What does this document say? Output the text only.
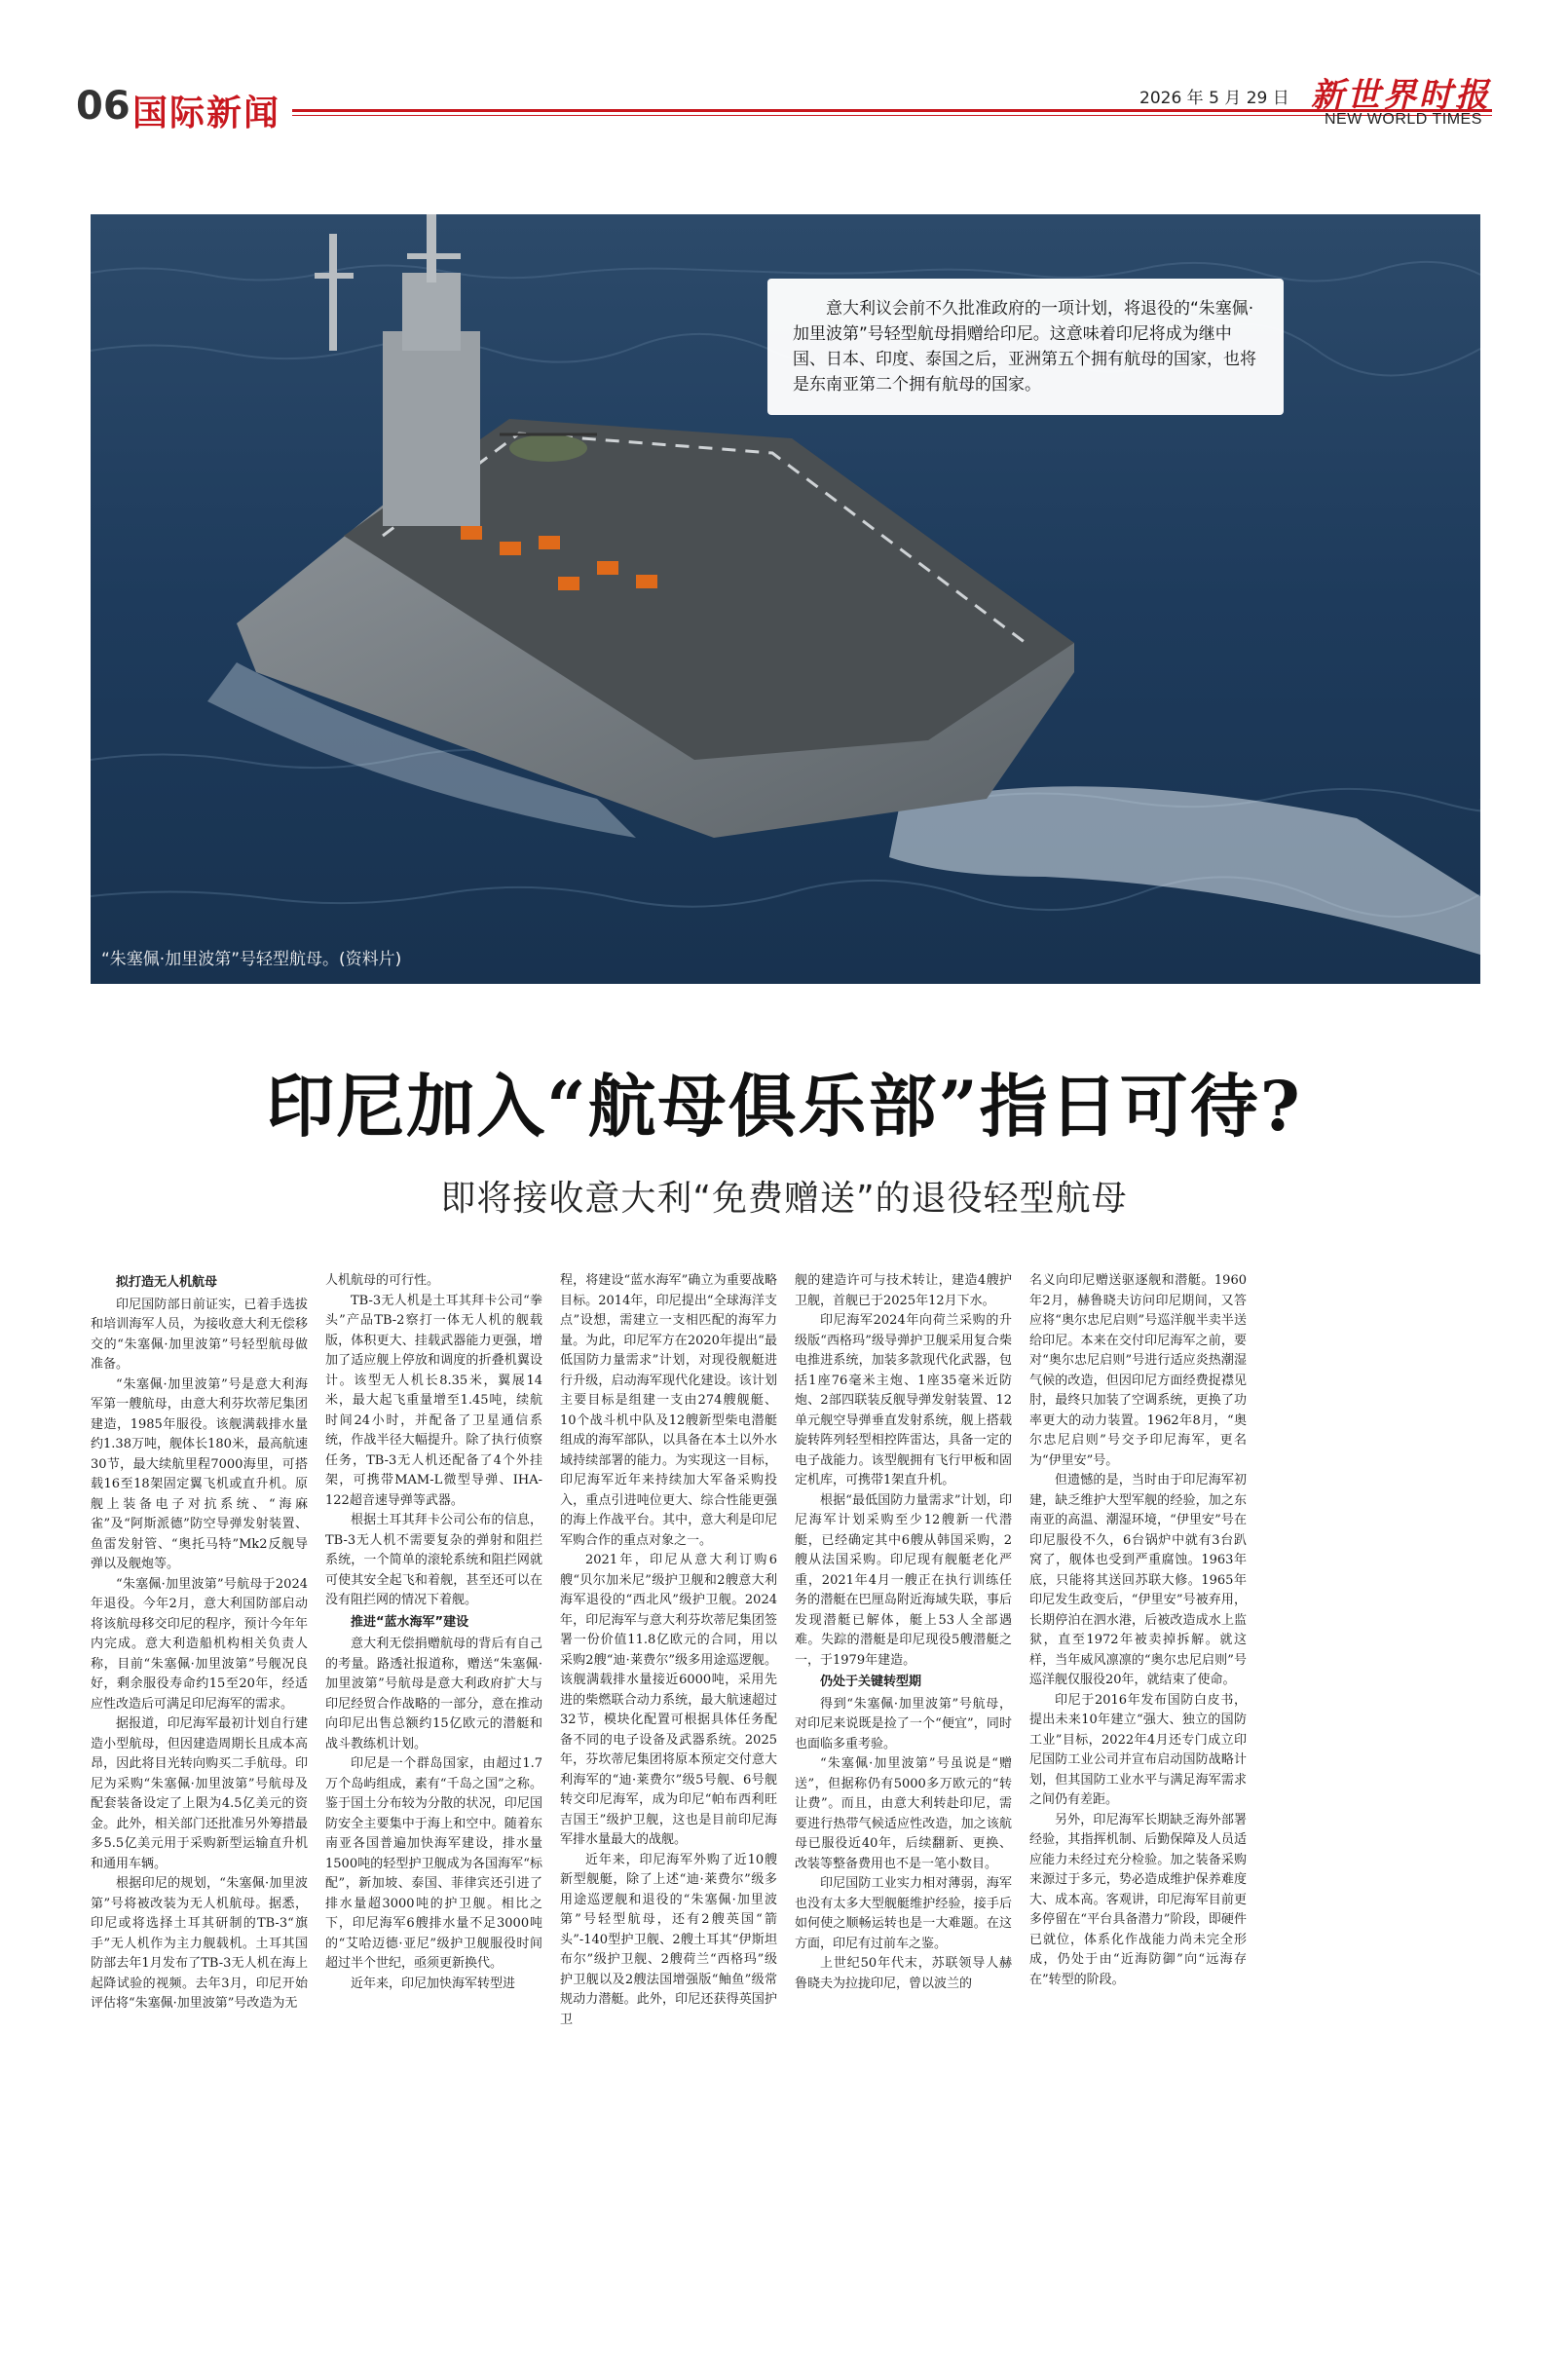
06 国际新闻	2026 年 5 月 29 日 新世界时报
NEW WORLD TIMES
“朱塞佩·加里波第”号轻型航母。(资料片)

意大利议会前不久批准政府的一项计划，将退役的“朱塞佩·加里波第”号轻型航母捐赠给印尼。这意味着印尼将成为继中国、日本、印度、泰国之后，亚洲第五个拥有航母的国家，也将是东南亚第二个拥有航母的国家。

印尼加入“航母俱乐部”指日可待?
即将接收意大利“免费赠送”的退役轻型航母

拟打造无人机航母

印尼国防部日前证实，已着手选拔和培训海军人员，为接收意大利无偿移交的“朱塞佩·加里波第”号轻型航母做准备。

“朱塞佩·加里波第”号是意大利海军第一艘航母，由意大利芬坎蒂尼集团建造，1985年服役。该舰满载排水量约1.38万吨，舰体长180米，最高航速30节，最大续航里程7000海里，可搭载16至18架固定翼飞机或直升机。原舰上装备电子对抗系统、“海麻雀”及“阿斯派德”防空导弹发射装置、鱼雷发射管、“奥托马特”Mk2反舰导弹以及舰炮等。

“朱塞佩·加里波第”号航母于2024年退役。今年2月，意大利国防部启动将该航母移交印尼的程序，预计今年年内完成。意大利造船机构相关负责人称，目前“朱塞佩·加里波第”号舰况良好，剩余服役寿命约15至20年，经适应性改造后可满足印尼海军的需求。

据报道，印尼海军最初计划自行建造小型航母，但因建造周期长且成本高昂，因此将目光转向购买二手航母。印尼为采购“朱塞佩·加里波第”号航母及配套装备设定了上限为4.5亿美元的资金。此外，相关部门还批准另外筹措最多5.5亿美元用于采购新型运输直升机和通用车辆。

根据印尼的规划，“朱塞佩·加里波第”号将被改装为无人机航母。据悉，印尼或将选择土耳其研制的TB-3“旗手”无人机作为主力舰载机。土耳其国防部去年1月发布了TB-3无人机在海上起降试验的视频。去年3月，印尼开始评估将“朱塞佩·加里波第”号改造为无

人机航母的可行性。

TB-3无人机是土耳其拜卡公司“拳头”产品TB-2察打一体无人机的舰载版，体积更大、挂载武器能力更强，增加了适应舰上停放和调度的折叠机翼设计。该型无人机长8.35米，翼展14米，最大起飞重量增至1.45吨，续航时间24小时，并配备了卫星通信系统，作战半径大幅提升。除了执行侦察任务，TB-3无人机还配备了4个外挂架，可携带MAM-L微型导弹、IHA-122超音速导弹等武器。

根据土耳其拜卡公司公布的信息，TB-3无人机不需要复杂的弹射和阻拦系统，一个简单的滚轮系统和阻拦网就可使其安全起飞和着舰，甚至还可以在没有阻拦网的情况下着舰。

推进“蓝水海军”建设

意大利无偿捐赠航母的背后有自己的考量。路透社报道称，赠送“朱塞佩·加里波第”号航母是意大利政府扩大与印尼经贸合作战略的一部分，意在推动向印尼出售总额约15亿欧元的潜艇和战斗教练机计划。

印尼是一个群岛国家，由超过1.7万个岛屿组成，素有“千岛之国”之称。鉴于国土分布较为分散的状况，印尼国防安全主要集中于海上和空中。随着东南亚各国普遍加快海军建设，排水量1500吨的轻型护卫舰成为各国海军“标配”，新加坡、泰国、菲律宾还引进了排水量超3000吨的护卫舰。相比之下，印尼海军6艘排水量不足3000吨的“艾哈迈德·亚尼”级护卫舰服役时间超过半个世纪，亟须更新换代。

近年来，印尼加快海军转型进

程，将建设“蓝水海军”确立为重要战略目标。2014年，印尼提出“全球海洋支点”设想，需建立一支相匹配的海军力量。为此，印尼军方在2020年提出“最低国防力量需求”计划，对现役舰艇进行升级，启动海军现代化建设。该计划主要目标是组建一支由274艘舰艇、10个战斗机中队及12艘新型柴电潜艇组成的海军部队，以具备在本土以外水域持续部署的能力。为实现这一目标，印尼海军近年来持续加大军备采购投入，重点引进吨位更大、综合性能更强的海上作战平台。其中，意大利是印尼军购合作的重点对象之一。

2021年，印尼从意大利订购6艘“贝尔加米尼”级护卫舰和2艘意大利海军退役的“西北风”级护卫舰。2024年，印尼海军与意大利芬坎蒂尼集团签署一份价值11.8亿欧元的合同，用以采购2艘“迪·莱费尔”级多用途巡逻舰。该舰满载排水量接近6000吨，采用先进的柴燃联合动力系统，最大航速超过32节，模块化配置可根据具体任务配备不同的电子设备及武器系统。2025年，芬坎蒂尼集团将原本预定交付意大利海军的“迪·莱费尔”级5号舰、6号舰转交印尼海军，成为印尼“帕布西利旺吉国王”级护卫舰，这也是目前印尼海军排水量最大的战舰。

近年来，印尼海军外购了近10艘新型舰艇，除了上述“迪·莱费尔”级多用途巡逻舰和退役的“朱塞佩·加里波第”号轻型航母，还有2艘英国“箭头”-140型护卫舰、2艘土耳其“伊斯坦布尔”级护卫舰、2艘荷兰“西格玛”级护卫舰以及2艘法国增强版“鲉鱼”级常规动力潜艇。此外，印尼还获得英国护卫

舰的建造许可与技术转让，建造4艘护卫舰，首舰已于2025年12月下水。

印尼海军2024年向荷兰采购的升级版“西格玛”级导弹护卫舰采用复合柴电推进系统，加装多款现代化武器，包括1座76毫米主炮、1座35毫米近防炮、2部四联装反舰导弹发射装置、12单元舰空导弹垂直发射系统，舰上搭载旋转阵列轻型相控阵雷达，具备一定的电子战能力。该型舰拥有飞行甲板和固定机库，可携带1架直升机。

根据“最低国防力量需求”计划，印尼海军计划采购至少12艘新一代潜艇，已经确定其中6艘从韩国采购，2艘从法国采购。印尼现有舰艇老化严重，2021年4月一艘正在执行训练任务的潜艇在巴厘岛附近海域失联，事后发现潜艇已解体，艇上53人全部遇难。失踪的潜艇是印尼现役5艘潜艇之一，于1979年建造。

仍处于关键转型期

得到“朱塞佩·加里波第”号航母，对印尼来说既是捡了一个“便宜”，同时也面临多重考验。

“朱塞佩·加里波第”号虽说是“赠送”，但据称仍有5000多万欧元的“转让费”。而且，由意大利转赴印尼，需要进行热带气候适应性改造，加之该航母已服役近40年，后续翻新、更换、改装等整备费用也不是一笔小数目。

印尼国防工业实力相对薄弱，海军也没有太多大型舰艇维护经验，接手后如何使之顺畅运转也是一大难题。在这方面，印尼有过前车之鉴。

上世纪50年代末，苏联领导人赫鲁晓夫为拉拢印尼，曾以波兰的

名义向印尼赠送驱逐舰和潜艇。1960年2月，赫鲁晓夫访问印尼期间，又答应将“奥尔忠尼启则”号巡洋舰半卖半送给印尼。本来在交付印尼海军之前，要对“奥尔忠尼启则”号进行适应炎热潮湿气候的改造，但因印尼方面经费捉襟见肘，最终只加装了空调系统，更换了功率更大的动力装置。1962年8月，“奥尔忠尼启则”号交予印尼海军，更名为“伊里安”号。

但遗憾的是，当时由于印尼海军初建，缺乏维护大型军舰的经验，加之东南亚的高温、潮湿环境，“伊里安”号在印尼服役不久，6台锅炉中就有3台趴窝了，舰体也受到严重腐蚀。1963年底，只能将其送回苏联大修。1965年印尼发生政变后，“伊里安”号被弃用，长期停泊在泗水港，后被改造成水上监狱，直至1972年被卖掉拆解。就这样，当年威风凛凛的“奥尔忠尼启则”号巡洋舰仅服役20年，就结束了使命。

印尼于2016年发布国防白皮书，提出未来10年建立“强大、独立的国防工业”目标，2022年4月还专门成立印尼国防工业公司并宣布启动国防战略计划，但其国防工业水平与满足海军需求之间仍有差距。

另外，印尼海军长期缺乏海外部署经验，其指挥机制、后勤保障及人员适应能力未经过充分检验。加之装备采购来源过于多元，势必造成维护保养难度大、成本高。客观讲，印尼海军目前更多停留在“平台具备潜力”阶段，即硬件已就位，体系化作战能力尚未完全形成，仍处于由“近海防御”向“远海存在”转型的阶段。
